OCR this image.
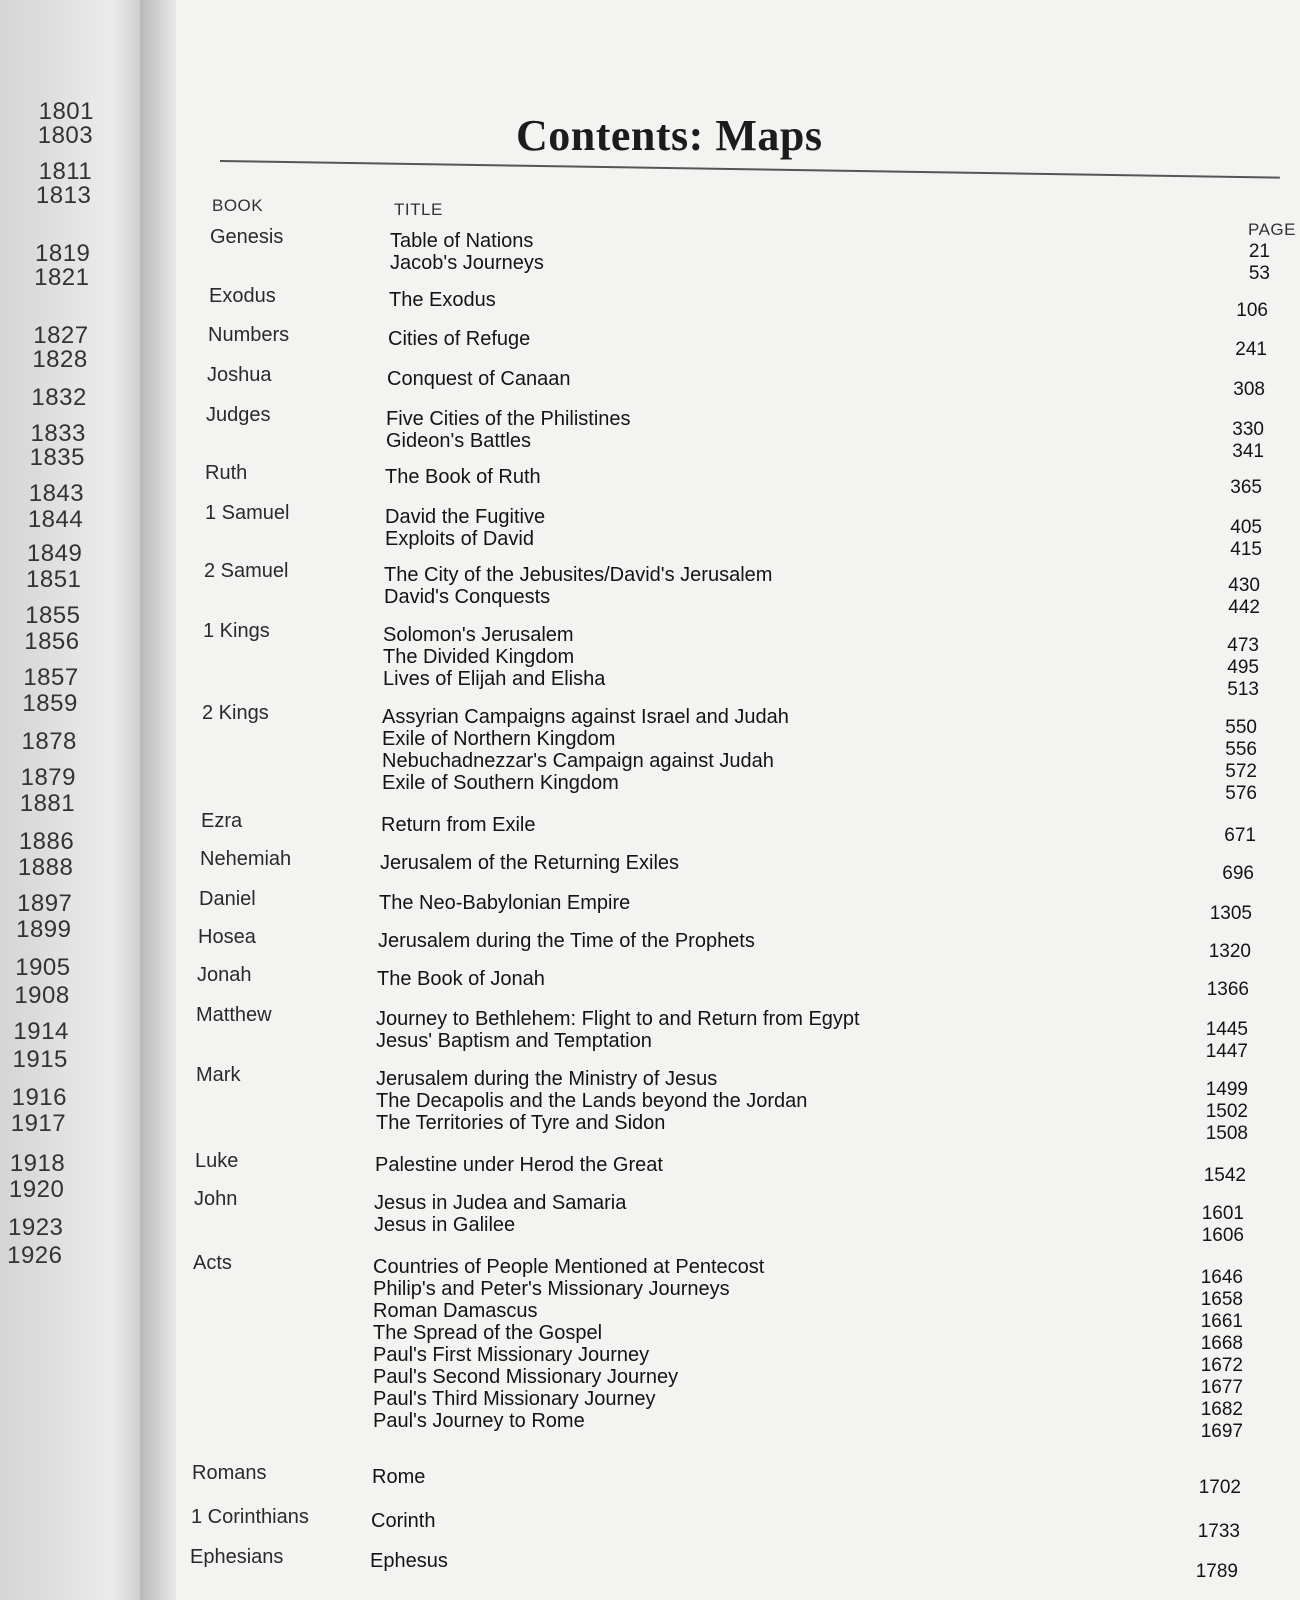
1801
1803
1811
1813
1819
1821
1827
1828
1832
1833
1835
1843
1844
1849
1851
1855
1856
1857
1859
1878
1879
1881
1886
1888
1897
1899
1905
1908
1914
1915
1916
1917
1918
1920
1923
1926
Contents: Maps
BOOK	TITLE
PAGE
Genesis	Table of Nations	21
Jacob's Journeys	53
Exodus	The Exodus	106
Numbers	Cities of Refuge	241
Joshua	Conquest of Canaan	308
Judges	Five Cities of the Philistines	330
Gideon's Battles	341
Ruth	The Book of Ruth	365
1 Samuel	David the Fugitive	405
Exploits of David	415
2 Samuel	The City of the Jebusites/David's Jerusalem	430
David's Conquests	442
1 Kings	Solomon's Jerusalem	473
The Divided Kingdom	495
Lives of Elijah and Elisha	513
2 Kings	Assyrian Campaigns against Israel and Judah	550
Exile of Northern Kingdom	556
Nebuchadnezzar's Campaign against Judah	572
Exile of Southern Kingdom	576
Ezra	Return from Exile	671
Nehemiah	Jerusalem of the Returning Exiles	696
Daniel	The Neo-Babylonian Empire	1305
Hosea	Jerusalem during the Time of the Prophets	1320
Jonah	The Book of Jonah	1366
Matthew	Journey to Bethlehem: Flight to and Return from Egypt	1445
Jesus' Baptism and Temptation	1447
Mark	Jerusalem during the Ministry of Jesus	1499
The Decapolis and the Lands beyond the Jordan	1502
The Territories of Tyre and Sidon	1508
Luke	Palestine under Herod the Great	1542
John	Jesus in Judea and Samaria	1601
Jesus in Galilee	1606
Acts	Countries of People Mentioned at Pentecost	1646
Philip's and Peter's Missionary Journeys	1658
Roman Damascus	1661
The Spread of the Gospel	1668
Paul's First Missionary Journey	1672
Paul's Second Missionary Journey	1677
Paul's Third Missionary Journey	1682
Paul's Journey to Rome	1697
Romans	Rome	1702
1 Corinthians	Corinth	1733
Ephesians	Ephesus	1789
